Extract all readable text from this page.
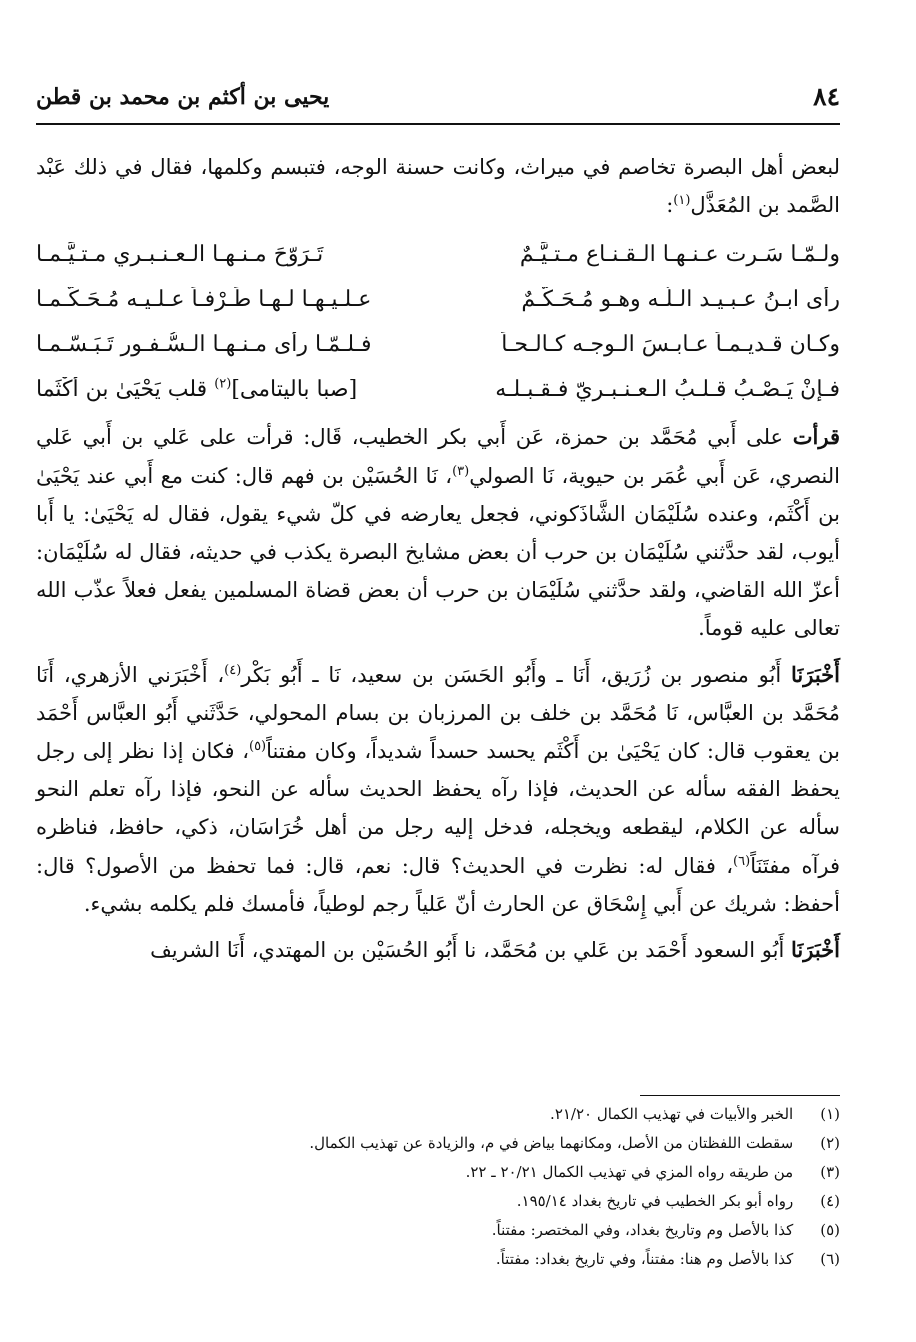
٨٤
يحيى بن أكثم بن محمد بن قطن

لبعض أهل البصرة تخاصم في ميراث، وكانت حسنة الوجه، فتبسم وكلمها، فقال في ذلك عَبْد الصَّمد بن المُعَذَّل$^{(١)}$:

ولـمّـا سَـرت عـنـهـا الـقـنـاع مـتـيَّـمٌ
تَـرَوّحَ مـنـهـا الـعـنـبـري مـتـيَّـمـا
رأى ابـنُ عـبـيـد الـلّـه وهـو مُـحَـكَّـمٌ
عـلـيـهـا لـهـا طَـرْفـاً عـلـيـه مُـحَـكَّـمـا
وكـان قـديـمـاً عـابـسَ الـوجـه كـالـحـاً
فـلـمّـا رأى مـنـهـا الـسُّـفـور تَـبَـسّـمـا
فـإنْ يَـصْـبُ قـلـبُ الـعـنـبـريّ فـقـبـلـه
[صبا باليتامى]$^{(٢)}$ قلب يَحْيَىٰ بن أَكْثَما

قرأت على أَبي مُحَمَّد بن حمزة، عَن أَبي بكر الخطيب، قَال: قرأت على عَلي بن أَبي عَلي النصري، عَن أَبي عُمَر بن حيوية، نَا الصولي$^{(٣)}$، نَا الحُسَيْن بن فهم قال: كنت مع أَبي عند يَحْيَىٰ بن أَكْثَم، وعنده سُلَيْمَان الشَّاذَكوني، فجعل يعارضه في كلّ شيء يقول، فقال له يَحْيَىٰ: يا أَبا أيوب، لقد حدَّثني سُلَيْمَان بن حرب أن بعض مشايخ البصرة يكذب في حديثه، فقال له سُلَيْمَان: أعزّ الله القاضي، ولقد حدَّثني سُلَيْمَان بن حرب أن بعض قضاة المسلمين يفعل فعلاً عذّب الله تعالى عليه قوماً.

أَخْبَرَنَا أَبُو منصور بن زُرَيق، أَنَا ـ وأَبُو الحَسَن بن سعيد، نَا ـ أَبُو بَكْر$^{(٤)}$، أَخْبَرَني الأزهري، أَنَا مُحَمَّد بن العبَّاس، نَا مُحَمَّد بن خلف بن المرزبان بن بسام المحولي، حَدَّثَني أَبُو العبَّاس أَحْمَد بن يعقوب قال: كان يَحْيَىٰ بن أَكْثَم يحسد حسداً شديداً، وكان مفتناً$^{(٥)}$، فكان إذا نظر إلى رجل يحفظ الفقه سأله عن الحديث، فإذا رآه يحفظ الحديث سأله عن النحو، فإذا رآه تعلم النحو سأله عن الكلام، ليقطعه ويخجله، فدخل إليه رجل من أهل خُرَاسَان، ذكي، حافظ، فناظره فرآه مفتَنَاً$^{(٦)}$، فقال له: نظرت في الحديث؟ قال: نعم، قال: فما تحفظ من الأصول؟ قال: أحفظ: شريك عن أَبي إِسْحَاق عن الحارث أنّ عَلياً رجم لوطياً، فأمسك فلم يكلمه بشيء.

أَخْبَرَنَا أَبُو السعود أَحْمَد بن عَلي بن مُحَمَّد، نا أَبُو الحُسَيْن بن المهتدي، أَنَا الشريف

(١) الخبر والأبيات في تهذيب الكمال ٢١/٢٠.
(٢) سقطت اللفظتان من الأصل، ومكانهما بياض في م، والزيادة عن تهذيب الكمال.
(٣) من طريقه رواه المزي في تهذيب الكمال ٢٠/٢١ ـ ٢٢.
(٤) رواه أبو بكر الخطيب في تاريخ بغداد ١٩٥/١٤.
(٥) كذا بالأصل وم وتاريخ بغداد، وفي المختصر: مفتناً.
(٦) كذا بالأصل وم هنا: مفتناً، وفي تاريخ بغداد: مفتتاً.
